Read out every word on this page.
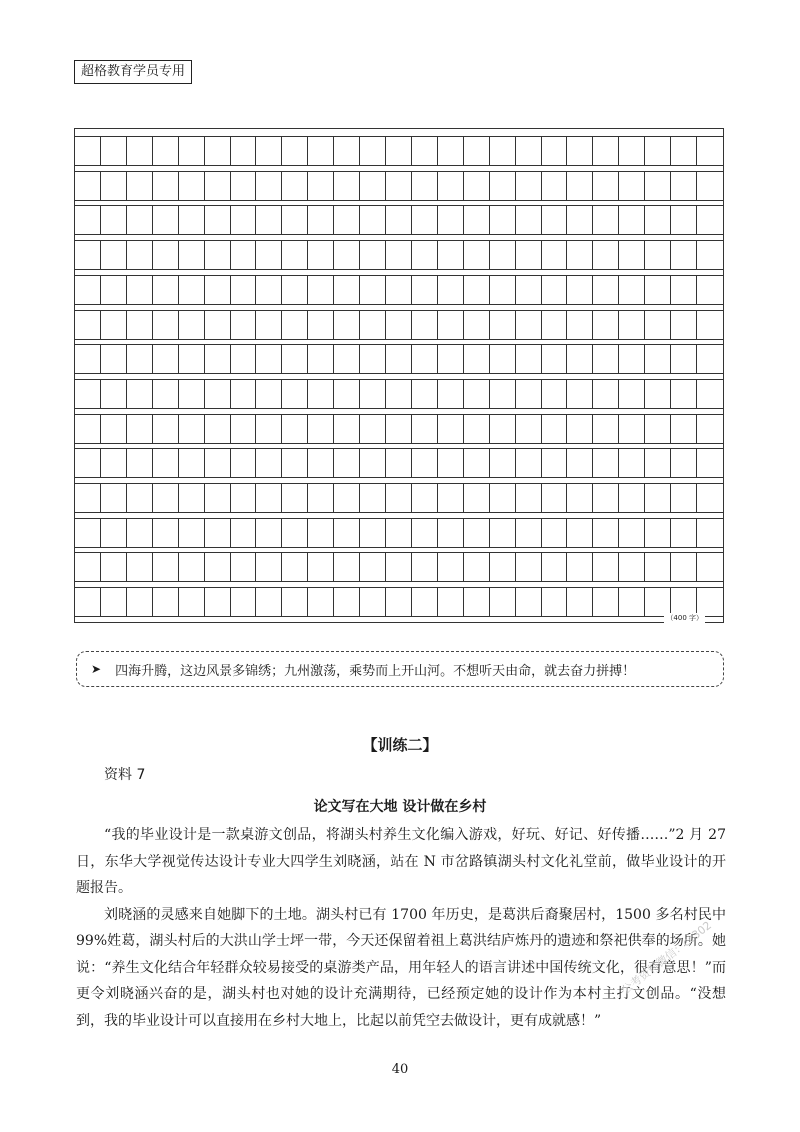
超格教育学员专用
（400 字）
➤ 四海升腾，这边风景多锦绣；九州激荡，乘势而上开山河。不想听天由命，就去奋力拼搏！
【训练二】
资料 7
论文写在大地 设计做在乡村

“我的毕业设计是一款桌游文创品，将湖头村养生文化编入游戏，好玩、好记、好传播……”2 月 27 日，东华大学视觉传达设计专业大四学生刘晓涵，站在 N 市岔路镇湖头村文化礼堂前，做毕业设计的开题报告。

刘晓涵的灵感来自她脚下的土地。湖头村已有 1700 年历史，是葛洪后裔聚居村，1500 多名村民中 99%姓葛，湖头村后的大洪山学士坪一带，今天还保留着祖上葛洪结庐炼丹的遗迹和祭祀供奉的场所。她说：“养生文化结合年轻群众较易接受的桌游类产品，用年轻人的语言讲述中国传统文化，很有意思！”而更令刘晓涵兴奋的是，湖头村也对她的设计充满期待，已经预定她的设计作为本村主打文创品。“没想到，我的毕业设计可以直接用在乡村大地上，比起以前凭空去做设计，更有成就感！”

公考资料微信：cc302
40
